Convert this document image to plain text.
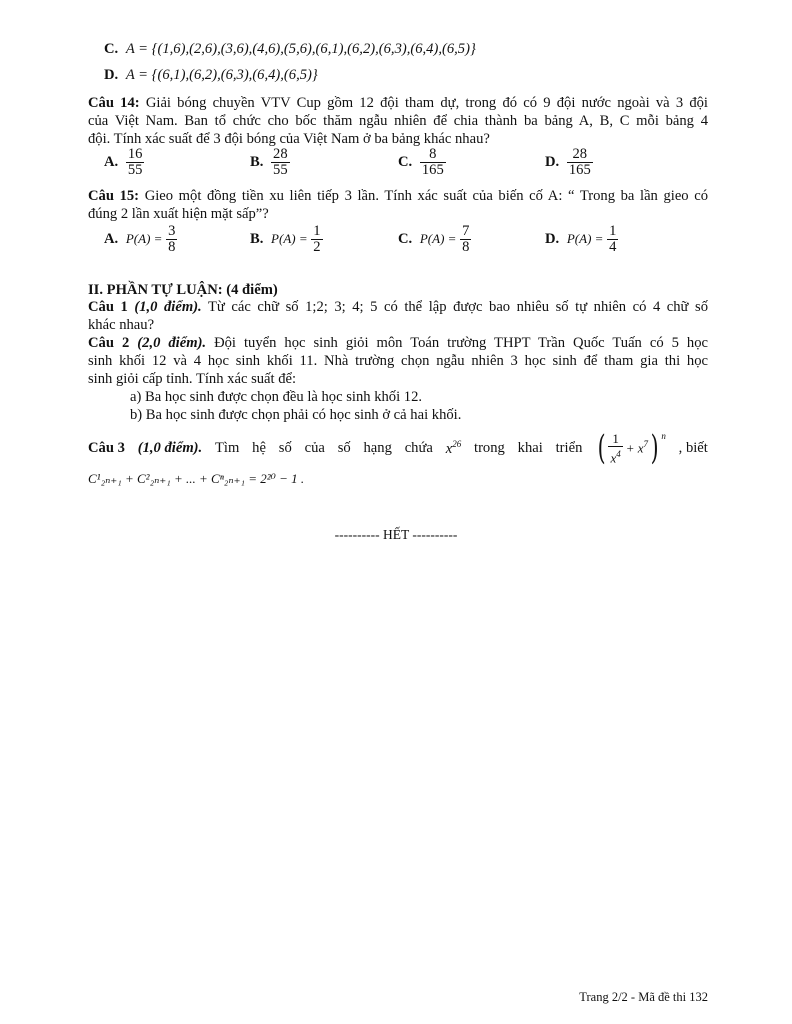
C. A = {(1,6),(2,6),(3,6),(4,6),(5,6),(6,1),(6,2),(6,3),(6,4),(6,5)}
D. A = {(6,1),(6,2),(6,3),(6,4),(6,5)}
Câu 14: Giải bóng chuyền VTV Cup gồm 12 đội tham dự, trong đó có 9 đội nước ngoài và 3 đội
của Việt Nam. Ban tổ chức cho bốc thăm ngẫu nhiên để chia thành ba bảng A, B, C mỗi bảng 4
đội. Tính xác suất để 3 đội bóng của Việt Nam ở ba bảng khác nhau?
A. $\frac{16}{55}$	B. $\frac{28}{55}$	C. $\frac{8}{165}$	D. $\frac{28}{165}$
Câu 15: Gieo một đồng tiền xu liên tiếp 3 lần. Tính xác suất của biến cố A: “ Trong ba lần gieo có
đúng 2 lần xuất hiện mặt sấp”?
A. $P(A) = \frac{3}{8}$	B. $P(A) = \frac{1}{2}$	C. $P(A) = \frac{7}{8}$	D. $P(A) = \frac{1}{4}$
II. PHẦN TỰ LUẬN: (4 điểm)
Câu 1 (1,0 điểm). Từ các chữ số 1;2; 3; 4; 5 có thể lập được bao nhiêu số tự nhiên có 4 chữ số
khác nhau?
Câu 2 (2,0 điểm). Đội tuyển học sinh giỏi môn Toán trường THPT Trần Quốc Tuấn có 5 học
sinh khối 12 và 4 học sinh khối 11. Nhà trường chọn ngẫu nhiên 3 học sinh để tham gia thi học
sinh giỏi cấp tỉnh. Tính xác suất để:
a) Ba học sinh được chọn đều là học sinh khối 12.
b) Ba học sinh được chọn phải có học sinh ở cả hai khối.
Câu 3 (1,0 điểm). Tìm hệ số của số hạng chứa $x^{26}$ trong khai triển ( $\frac{1}{x^4} + x^7$ ) $^n$
, biết
C¹₂ₙ₊₁ + C²₂ₙ₊₁ + ... + Cⁿ₂ₙ₊₁ = 2²⁰ − 1 .
---------- HẾT ----------
Trang 2/2 - Mã đề thi 132
